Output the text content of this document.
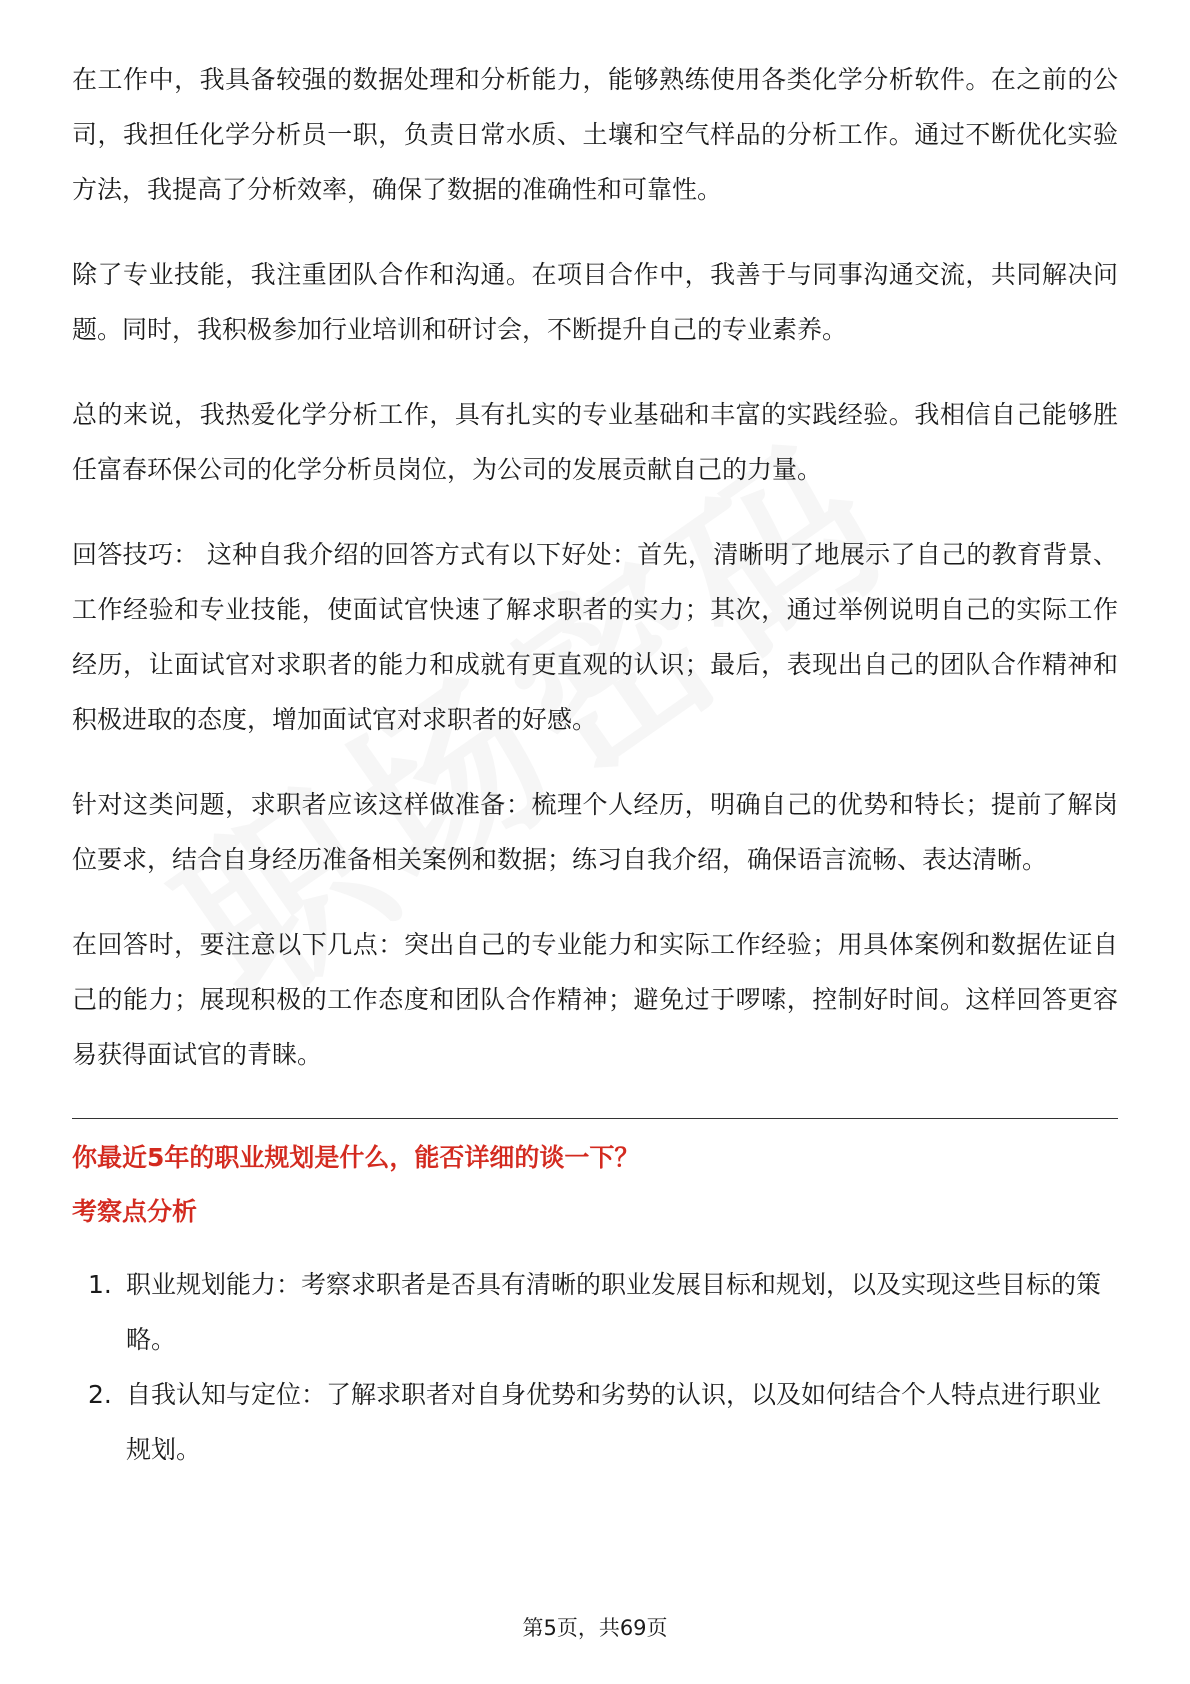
在工作中，我具备较强的数据处理和分析能力，能够熟练使用各类化学分析软件。在之前的公司，我担任化学分析员一职，负责日常水质、土壤和空气样品的分析工作。通过不断优化实验方法，我提高了分析效率，确保了数据的准确性和可靠性。

除了专业技能，我注重团队合作和沟通。在项目合作中，我善于与同事沟通交流，共同解决问题。同时，我积极参加行业培训和研讨会，不断提升自己的专业素养。

总的来说，我热爱化学分析工作，具有扎实的专业基础和丰富的实践经验。我相信自己能够胜任富春环保公司的化学分析员岗位，为公司的发展贡献自己的力量。

回答技巧： 这种自我介绍的回答方式有以下好处：首先，清晰明了地展示了自己的教育背景、工作经验和专业技能，使面试官快速了解求职者的实力；其次，通过举例说明自己的实际工作经历，让面试官对求职者的能力和成就有更直观的认识；最后，表现出自己的团队合作精神和积极进取的态度，增加面试官对求职者的好感。

针对这类问题，求职者应该这样做准备：梳理个人经历，明确自己的优势和特长；提前了解岗位要求，结合自身经历准备相关案例和数据；练习自我介绍，确保语言流畅、表达清晰。

在回答时，要注意以下几点：突出自己的专业能力和实际工作经验；用具体案例和数据佐证自己的能力；展现积极的工作态度和团队合作精神；避免过于啰嗦，控制好时间。这样回答更容易获得面试官的青睐。

你最近5年的职业规划是什么，能否详细的谈一下？
考察点分析
1. 职业规划能力：考察求职者是否具有清晰的职业发展目标和规划，以及实现这些目标的策略。
2. 自我认知与定位：了解求职者对自身优势和劣势的认识，以及如何结合个人特点进行职业规划。
第5页，共69页
